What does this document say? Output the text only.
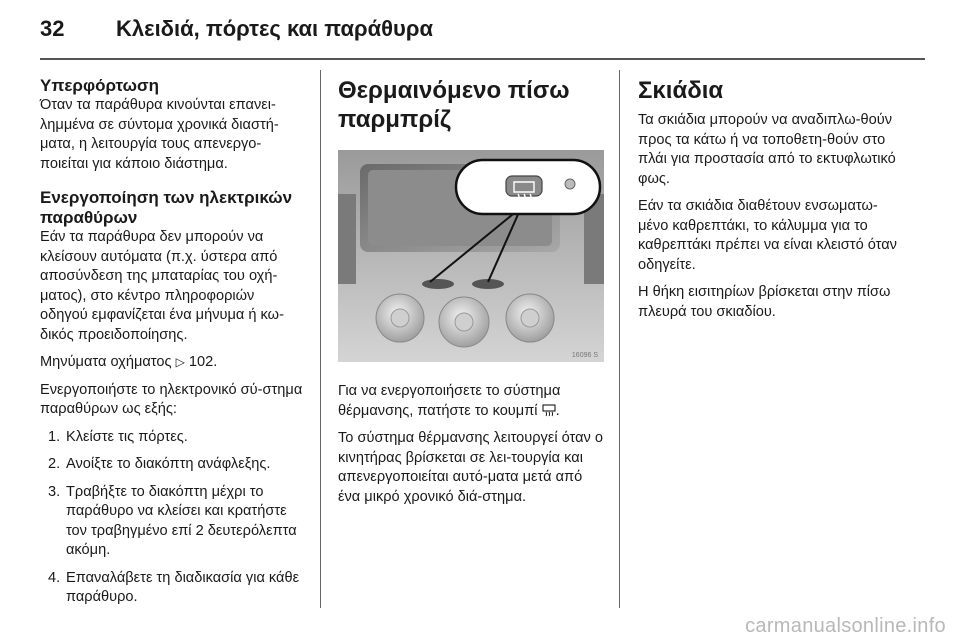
32 Κλειδιά, πόρτες και παράθυρα
Υπερφόρτωση

Όταν τα παράθυρα κινούνται επανει-λημμένα σε σύντομα χρονικά διαστή-ματα, η λειτουργία τους απενεργο-ποιείται για κάποιο διάστημα.

Ενεργοποίηση των ηλεκτρικών παραθύρων

Εάν τα παράθυρα δεν μπορούν να κλείσουν αυτόματα (π.χ. ύστερα από αποσύνδεση της μπαταρίας του οχή-ματος), στο κέντρο πληροφοριών οδηγού εμφανίζεται ένα μήνυμα ή κω-δικός προειδοποίησης.

Μηνύματα οχήματος ▷ 102.

Ενεργοποιήστε το ηλεκτρονικό σύ-στημα παραθύρων ως εξής:

1. Κλείστε τις πόρτες.
2. Ανοίξτε το διακόπτη ανάφλεξης.
3. Τραβήξτε το διακόπτη μέχρι το παράθυρο να κλείσει και κρατήστε τον τραβηγμένο επί 2 δευτερόλεπτα ακόμη.
4. Επαναλάβετε τη διαδικασία για κάθε παράθυρο.
Θερμαινόμενο πίσω παρμπρίζ
16096 S

Για να ενεργοποιήσετε το σύστημα θέρμανσης, πατήστε το κουμπί .

Το σύστημα θέρμανσης λειτουργεί όταν ο κινητήρας βρίσκεται σε λει-τουργία και απενεργοποιείται αυτό-ματα μετά από ένα μικρό χρονικό διά-στημα.

Σκιάδια

Τα σκιάδια μπορούν να αναδιπλω-θούν προς τα κάτω ή να τοποθετη-θούν στο πλάι για προστασία από το εκτυφλωτικό φως.

Εάν τα σκιάδια διαθέτουν ενσωματω-μένο καθρεπτάκι, το κάλυμμα για το καθρεπτάκι πρέπει να είναι κλειστό όταν οδηγείτε.

Η θήκη εισιτηρίων βρίσκεται στην πίσω πλευρά του σκιαδίου.

carmanualsonline.info
